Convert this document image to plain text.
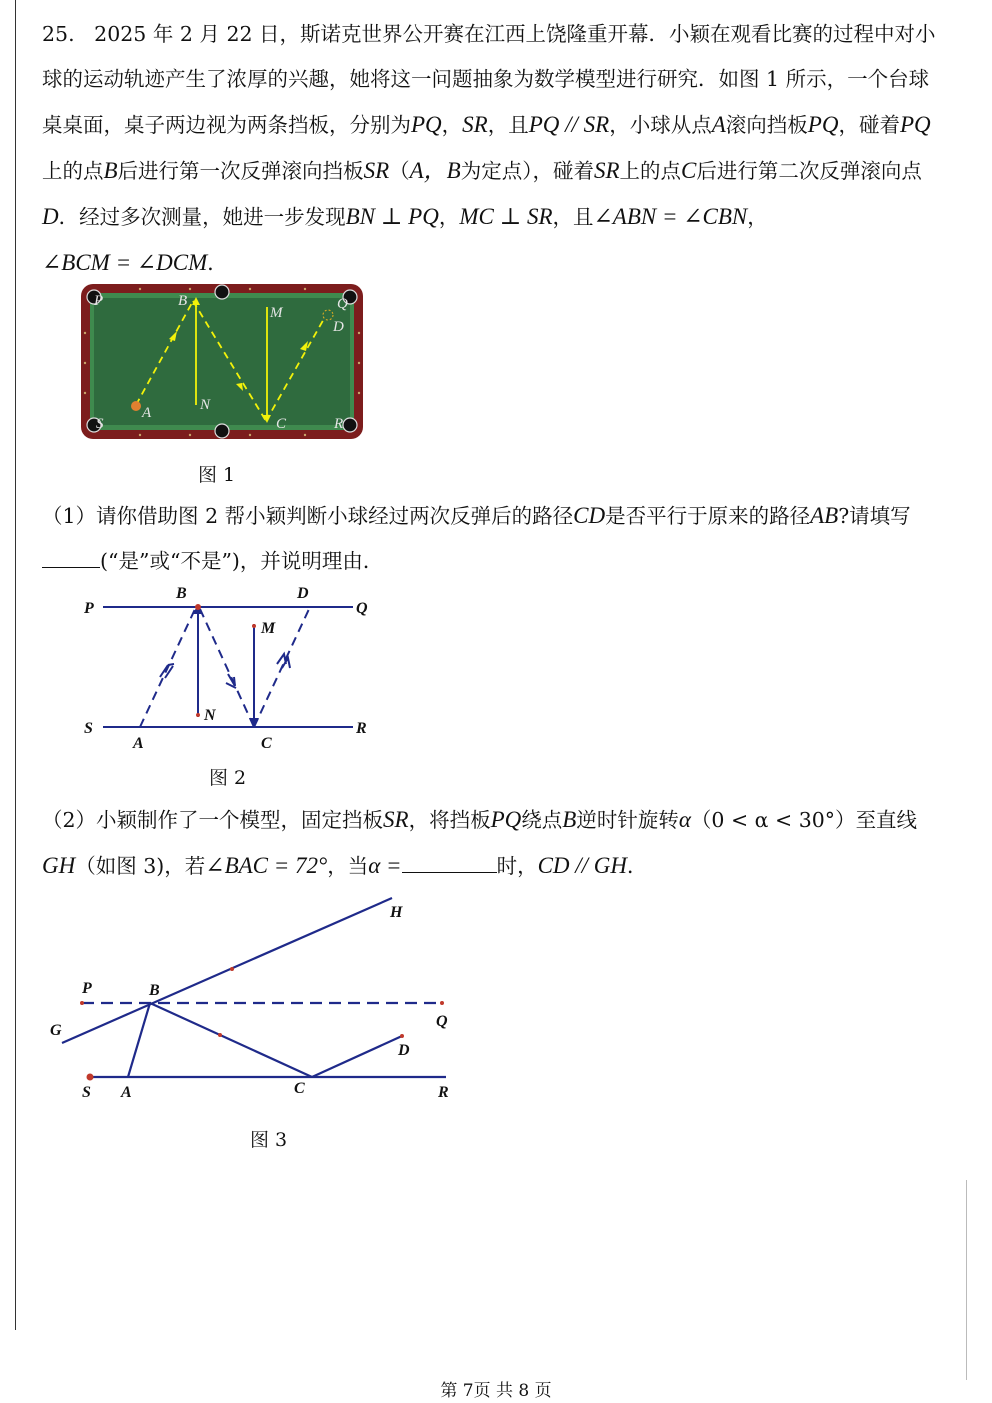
25. 2025 年 2 月 22 日，斯诺克世界公开赛在江西上饶隆重开幕．小颖在观看比赛的过程中对小球的运动轨迹产生了浓厚的兴趣，她将这一问题抽象为数学模型进行研究．如图 1 所示，一个台球桌桌面，桌子两边视为两条挡板，分别为PQ，SR，且PQ // SR，小球从点A滚向挡板PQ，碰着PQ上的点B后进行第一次反弹滚向挡板SR（A，B为定点），碰着SR上的点C后进行第二次反弹滚向点D．经过多次测量，她进一步发现BN ⊥ PQ，MC ⊥ SR，且∠ABN = ∠CBN，
∠BCM = ∠DCM．
P	B
M
Q
D
N
A
S	C	R
图 1
（1）请你借助图 2 帮小颖判断小球经过两次反弹后的路径CD是否平行于原来的路径AB?请填写
(“是”或“不是”)，并说明理由．
P
B	D
Q
M
N
S
A	C
R
图 2
（2）小颖制作了一个模型，固定挡板SR，将挡板PQ绕点B逆时针旋转α（0 < α < 30°）至直线
GH（如图 3)，若∠BAC = 72°，当α =	时，CD // GH．
H
P	B
G
Q
D
S A	C	R
图 3
第 7页 共 8 页
